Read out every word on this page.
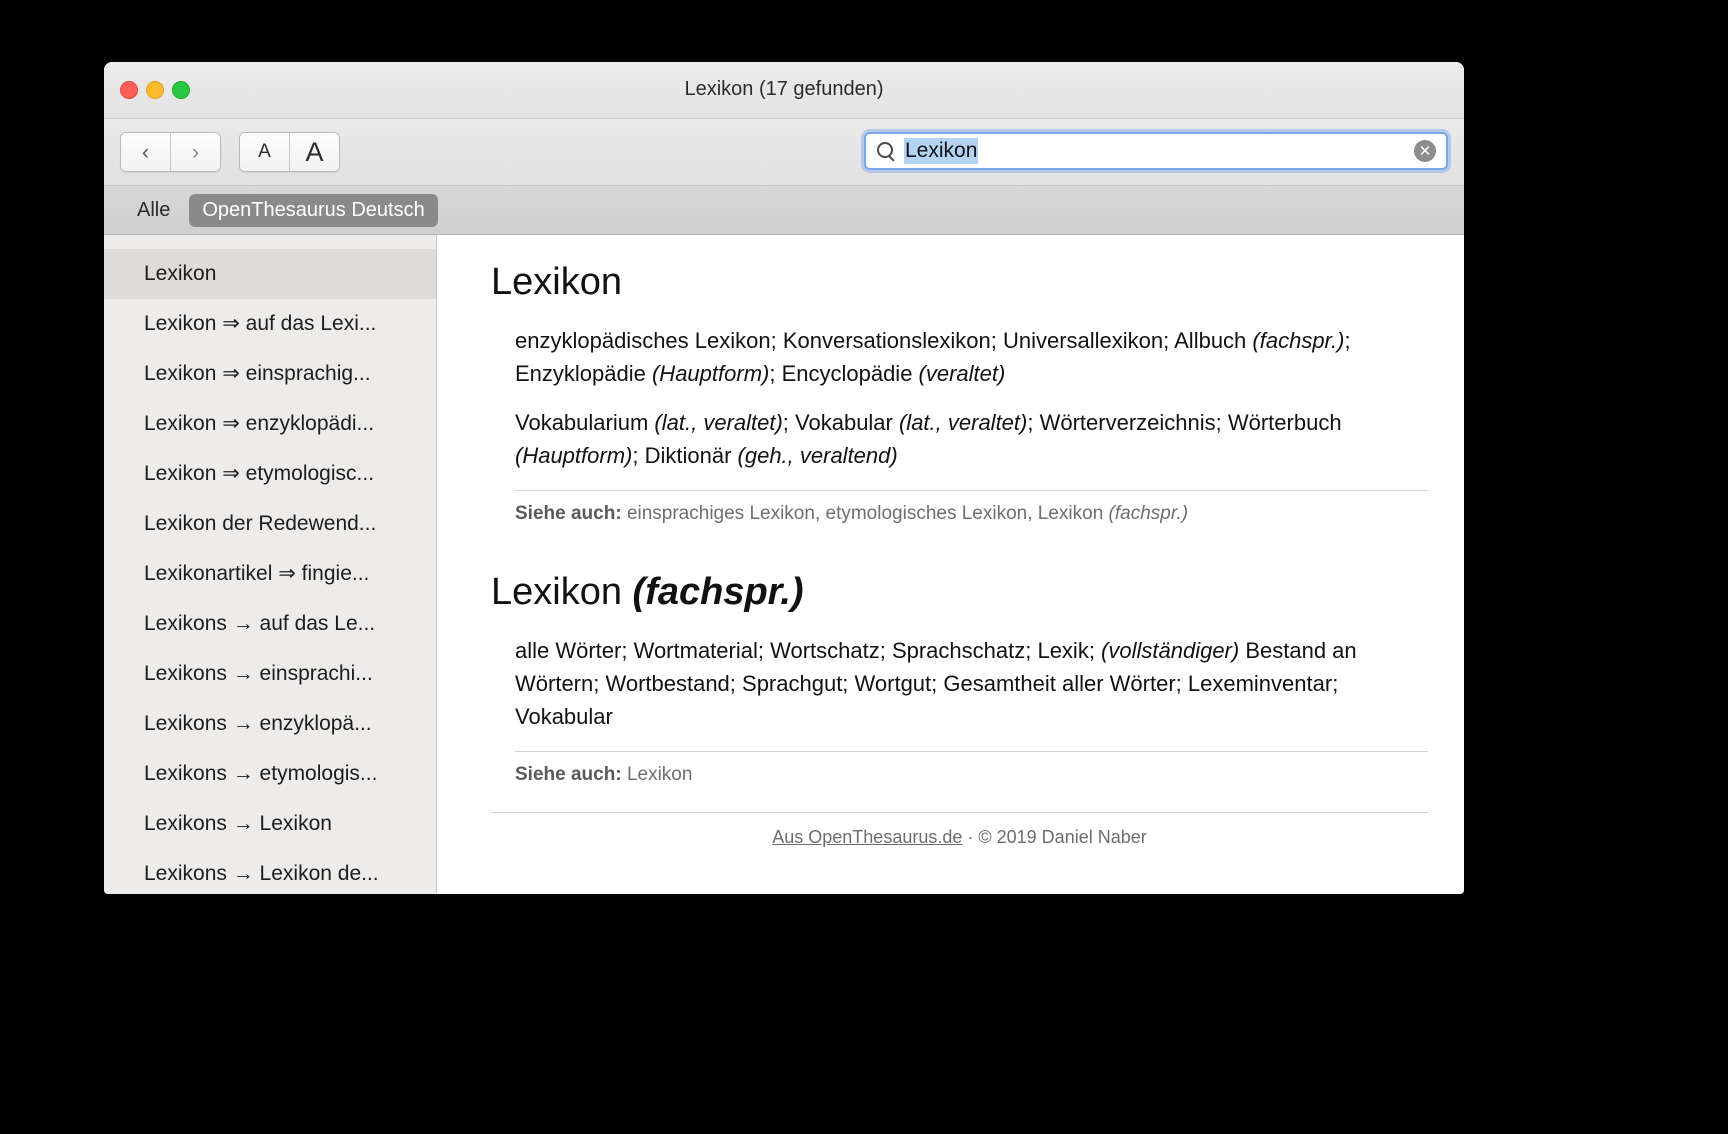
Lexikon (17 gefunden)
‹ ›	A A	Lexikon	✕
Alle	OpenThesaurus Deutsch
Lexikon
Lexikon ⇒ auf das Lexi...
Lexikon ⇒ einsprachig...
Lexikon ⇒ enzyklopädi...
Lexikon ⇒ etymologisc...
Lexikon der Redewend...
Lexikonartikel ⇒ fingie...
Lexikons → auf das Le...
Lexikons → einsprachi...
Lexikons → enzyklopä...
Lexikons → etymologis...
Lexikons → Lexikon
Lexikons → Lexikon de...
Lexikon

enzyklopädisches Lexikon; Konversationslexikon; Universallexikon; Allbuch (fachspr.); Enzyklopädie (Hauptform); Encyclopädie (veraltet)

Vokabularium (lat., veraltet); Vokabular (lat., veraltet); Wörterverzeichnis; Wörterbuch (Hauptform); Diktionär (geh., veraltend)

Siehe auch: einsprachiges Lexikon, etymologisches Lexikon, Lexikon (fachspr.)
Lexikon (fachspr.)

alle Wörter; Wortmaterial; Wortschatz; Sprachschatz; Lexik; (vollständiger) Bestand an Wörtern; Wortbestand; Sprachgut; Wortgut; Gesamtheit aller Wörter; Lexeminventar; Vokabular

Siehe auch: Lexikon
Aus OpenThesaurus.de · © 2019 Daniel Naber
